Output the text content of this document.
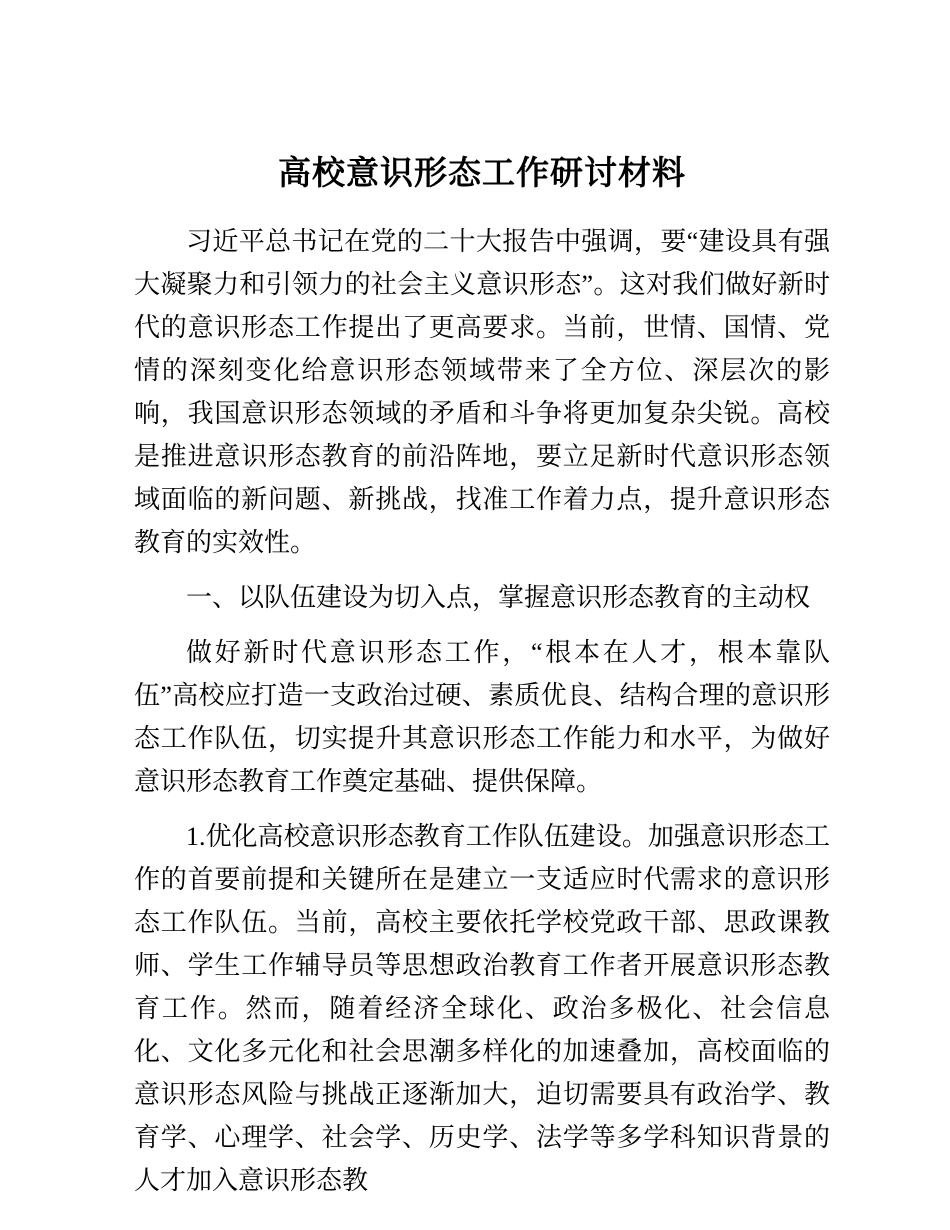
高校意识形态工作研讨材料

习近平总书记在党的二十大报告中强调，要“建设具有强大凝聚力和引领力的社会主义意识形态”。这对我们做好新时代的意识形态工作提出了更高要求。当前，世情、国情、党情的深刻变化给意识形态领域带来了全方位、深层次的影响，我国意识形态领域的矛盾和斗争将更加复杂尖锐。高校是推进意识形态教育的前沿阵地，要立足新时代意识形态领域面临的新问题、新挑战，找准工作着力点，提升意识形态教育的实效性。

一、以队伍建设为切入点，掌握意识形态教育的主动权

做好新时代意识形态工作，“根本在人才，根本靠队伍”高校应打造一支政治过硬、素质优良、结构合理的意识形态工作队伍，切实提升其意识形态工作能力和水平，为做好意识形态教育工作奠定基础、提供保障。

1.优化高校意识形态教育工作队伍建设。加强意识形态工作的首要前提和关键所在是建立一支适应时代需求的意识形态工作队伍。当前，高校主要依托学校党政干部、思政课教师、学生工作辅导员等思想政治教育工作者开展意识形态教育工作。然而，随着经济全球化、政治多极化、社会信息化、文化多元化和社会思潮多样化的加速叠加，高校面临的意识形态风险与挑战正逐渐加大，迫切需要具有政治学、教育学、心理学、社会学、历史学、法学等多学科知识背景的人才加入意识形态教
